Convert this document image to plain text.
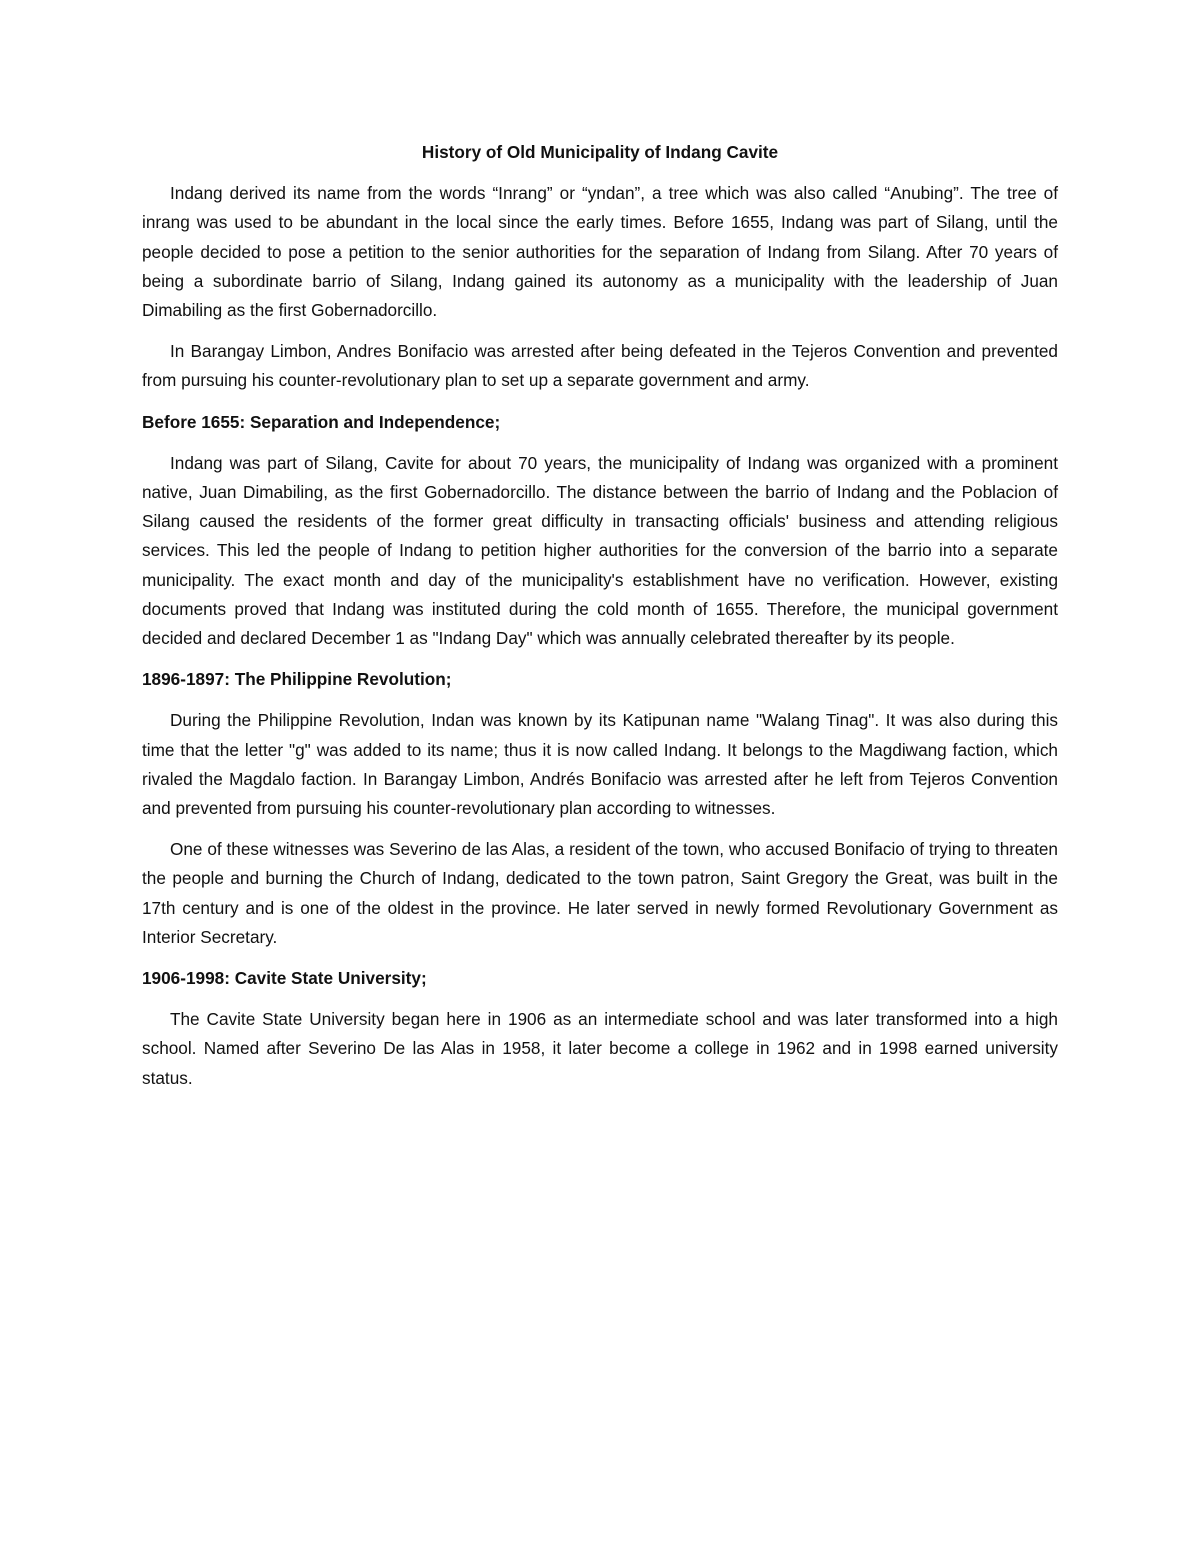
History of Old Municipality of Indang Cavite

Indang derived its name from the words “Inrang” or “yndan”, a tree which was also called “Anubing”. The tree of inrang was used to be abundant in the local since the early times. Before 1655, Indang was part of Silang, until the people decided to pose a petition to the senior authorities for the separation of Indang from Silang. After 70 years of being a subordinate barrio of Silang, Indang gained its autonomy as a municipality with the leadership of Juan Dimabiling as the first Gobernadorcillo.

In Barangay Limbon, Andres Bonifacio was arrested after being defeated in the Tejeros Convention and prevented from pursuing his counter-revolutionary plan to set up a separate government and army.

Before 1655: Separation and Independence;

Indang was part of Silang, Cavite for about 70 years, the municipality of Indang was organized with a prominent native, Juan Dimabiling, as the first Gobernadorcillo. The distance between the barrio of Indang and the Poblacion of Silang caused the residents of the former great difficulty in transacting officials' business and attending religious services. This led the people of Indang to petition higher authorities for the conversion of the barrio into a separate municipality. The exact month and day of the municipality's establishment have no verification. However, existing documents proved that Indang was instituted during the cold month of 1655. Therefore, the municipal government decided and declared December 1 as "Indang Day" which was annually celebrated thereafter by its people.

1896-1897: The Philippine Revolution;

During the Philippine Revolution, Indan was known by its Katipunan name "Walang Tinag". It was also during this time that the letter "g" was added to its name; thus it is now called Indang. It belongs to the Magdiwang faction, which rivaled the Magdalo faction. In Barangay Limbon, Andrés Bonifacio was arrested after he left from Tejeros Convention and prevented from pursuing his counter-revolutionary plan according to witnesses.

One of these witnesses was Severino de las Alas, a resident of the town, who accused Bonifacio of trying to threaten the people and burning the Church of Indang, dedicated to the town patron, Saint Gregory the Great, was built in the 17th century and is one of the oldest in the province. He later served in newly formed Revolutionary Government as Interior Secretary.

1906-1998: Cavite State University;

The Cavite State University began here in 1906 as an intermediate school and was later transformed into a high school. Named after Severino De las Alas in 1958, it later become a college in 1962 and in 1998 earned university status.
